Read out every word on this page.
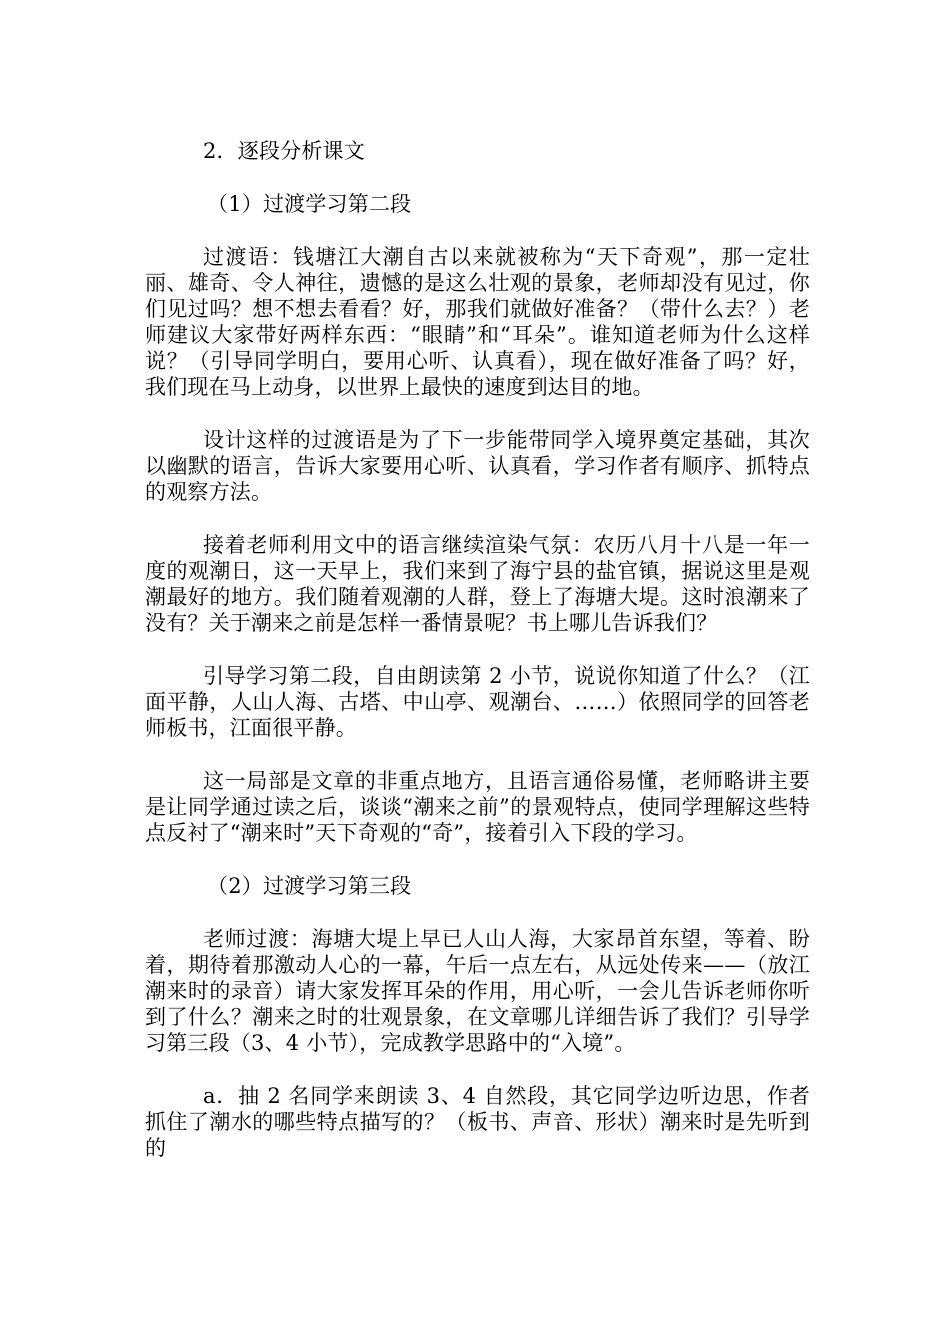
2．逐段分析课文

（1）过渡学习第二段

过渡语：钱塘江大潮自古以来就被称为“天下奇观”，那一定壮丽、雄奇、令人神往，遗憾的是这么壮观的景象，老师却没有见过，你们见过吗？想不想去看看？好，那我们就做好准备？（带什么去？）老师建议大家带好两样东西：“眼睛”和“耳朵”。谁知道老师为什么这样说？（引导同学明白，要用心听、认真看），现在做好准备了吗？好，我们现在马上动身，以世界上最快的速度到达目的地。

设计这样的过渡语是为了下一步能带同学入境界奠定基础，其次以幽默的语言，告诉大家要用心听、认真看，学习作者有顺序、抓特点的观察方法。

接着老师利用文中的语言继续渲染气氛：农历八月十八是一年一度的观潮日，这一天早上，我们来到了海宁县的盐官镇，据说这里是观潮最好的地方。我们随着观潮的人群，登上了海塘大堤。这时浪潮来了没有？关于潮来之前是怎样一番情景呢？书上哪儿告诉我们？

引导学习第二段，自由朗读第 2 小节，说说你知道了什么？（江面平静，人山人海、古塔、中山亭、观潮台、……）依照同学的回答老师板书，江面很平静。

这一局部是文章的非重点地方，且语言通俗易懂，老师略讲主要是让同学通过读之后，谈谈“潮来之前”的景观特点，使同学理解这些特点反衬了“潮来时”天下奇观的“奇”，接着引入下段的学习。

（2）过渡学习第三段

老师过渡：海塘大堤上早已人山人海，大家昂首东望，等着、盼着，期待着那激动人心的一幕，午后一点左右，从远处传来——（放江潮来时的录音）请大家发挥耳朵的作用，用心听，一会儿告诉老师你听到了什么？潮来之时的壮观景象，在文章哪儿详细告诉了我们？引导学习第三段（3、4 小节），完成教学思路中的“入境”。

a．抽 2 名同学来朗读 3、4 自然段，其它同学边听边思，作者抓住了潮水的哪些特点描写的？（板书、声音、形状）潮来时是先听到的
